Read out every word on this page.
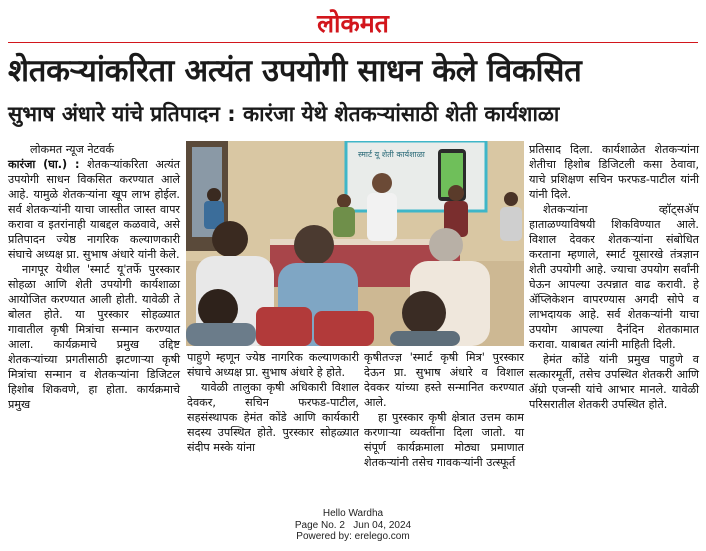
लोकमत
शेतकऱ्यांकरिता अत्यंत उपयोगी साधन केले विकसित
सुभाष अंधारे यांचे प्रतिपादन : कारंजा येथे शेतकऱ्यांसाठी शेती कार्यशाळा

लोकमत न्यूज नेटवर्क

कारंजा (घा.) : शेतकऱ्यांकरिता अत्यंत उपयोगी साधन विकसित करण्यात आले आहे. यामुळे शेतकऱ्यांना खूप लाभ होईल. सर्व शेतकऱ्यांनी याचा जास्तीत जास्त वापर करावा व इतरांनाही याबद्दल कळवावे, असे प्रतिपादन ज्येष्ठ नागरिक कल्याणकारी संघाचे अध्यक्ष प्रा. सुभाष अंधारे यांनी केले.

नागपूर येथील 'स्मार्ट यू'तर्फे पुरस्कार सोहळा आणि शेती उपयोगी कार्यशाळा आयोजित करण्यात आली होती. यावेळी ते बोलत होते. या पुरस्कार सोहळ्यात गावातील कृषी मित्रांचा सन्मान करण्यात आला. कार्यक्रमाचे प्रमुख उद्दिष्ट शेतकऱ्यांच्या प्रगतीसाठी झटणाऱ्या कृषी मित्रांचा सन्मान व शेतकऱ्यांना डिजिटल हिशोब शिकवणे, हा होता. कार्यक्रमाचे प्रमुख

स्मार्ट यू शेती कार्यशाळा

पाहुणे म्हणून ज्येष्ठ नागरिक कल्याणकारी संघाचे अध्यक्ष प्रा. सुभाष अंधारे हे होते.

यावेळी तालुका कृषी अधिकारी विशाल देवकर, सचिन फरफड-पाटील, सहसंस्थापक हेमंत कोंडे आणि कार्यकारी सदस्य उपस्थित होते. पुरस्कार सोहळ्यात संदीप मस्के यांना

कृषीतज्ज्ञ 'स्मार्ट कृषी मित्र' पुरस्कार देऊन प्रा. सुभाष अंधारे व विशाल देवकर यांच्या हस्ते सन्मानित करण्यात आले.

हा पुरस्कार कृषी क्षेत्रात उत्तम काम करणाऱ्या व्यक्तींना दिला जातो. या संपूर्ण कार्यक्रमाला मोठ्या प्रमाणात शेतकऱ्यांनी तसेच गावकऱ्यांनी उत्स्फूर्त

प्रतिसाद दिला. कार्यशाळेत शेतकऱ्यांना शेतीचा हिशोब डिजिटली कसा ठेवावा, याचे प्रशिक्षण सचिन फरफड-पाटील यांनी यांनी दिले.

शेतकऱ्यांना व्हॉट्सॲप हाताळण्याविषयी शिकविण्यात आले. विशाल देवकर शेतकऱ्यांना संबोधित करताना म्हणाले, स्मार्ट यूसारखे तंत्रज्ञान शेती उपयोगी आहे. ज्याचा उपयोग सर्वांनी घेऊन आपल्या उत्पन्नात वाढ करावी. हे ॲप्लिकेशन वापरण्यास अगदी सोपे व लाभदायक आहे. सर्व शेतकऱ्यांनी याचा उपयोग आपल्या दैनंदिन शेतकामात करावा. याबाबत त्यांनी माहिती दिली.

हेमंत कोंडे यांनी प्रमुख पाहुणे व सत्कारमूर्ती, तसेच उपस्थित शेतकरी आणि ॲग्रो एजन्सी यांचे आभार मानले. यावेळी परिसरातील शेतकरी उपस्थित होते.

Hello Wardha
Page No. 2   Jun 04, 2024
Powered by: erelego.com
